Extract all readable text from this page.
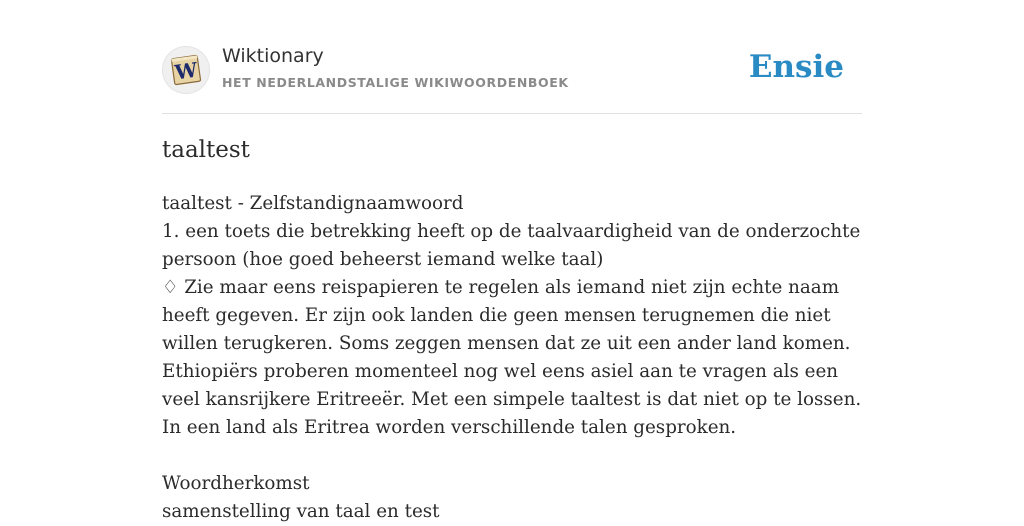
W
Wiktionary
HET NEDERLANDSTALIGE WIKIWOORDENBOEK	Ensie
taaltest

taaltest - Zelfstandignaamwoord

1. een toets die betrekking heeft op de taalvaardigheid van de onderzochte persoon (hoe goed beheerst iemand welke taal)

♢ Zie maar eens reispapieren te regelen als iemand niet zijn echte naam heeft gegeven. Er zijn ook landen die geen mensen terugnemen die niet willen terugkeren. Soms zeggen mensen dat ze uit een ander land komen. Ethiopiërs proberen momenteel nog wel eens asiel aan te vragen als een veel kansrijkere Eritreeër. Met een simpele taaltest is dat niet op te lossen. In een land als Eritrea worden verschillende talen gesproken.

Woordherkomst

samenstelling van taal en test
